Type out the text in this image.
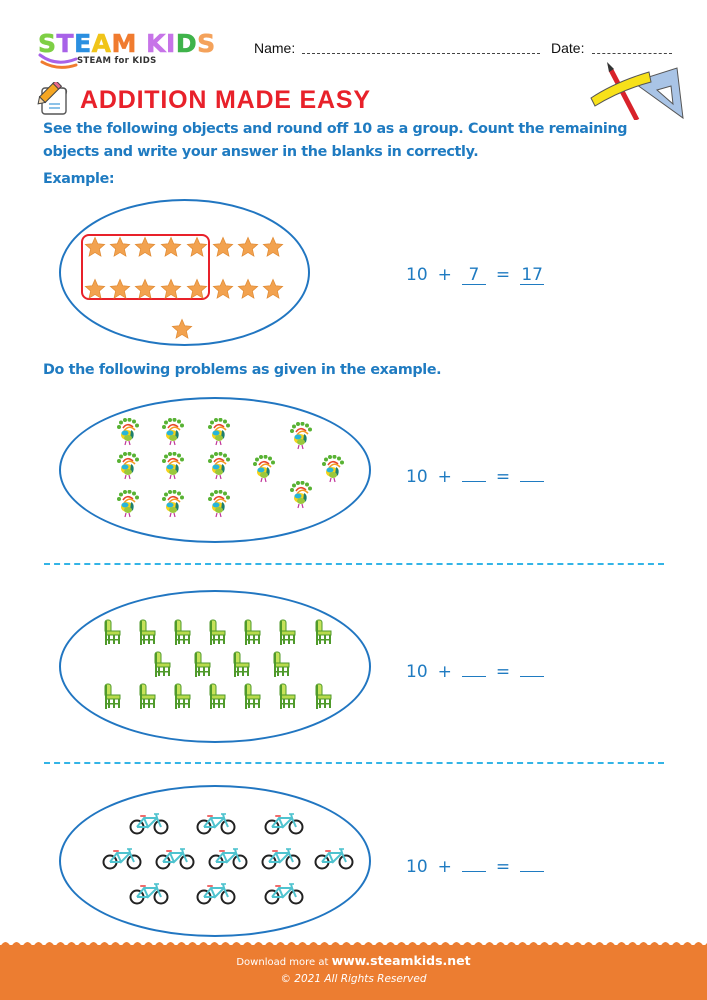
STEAM KIDS
STEAM for KIDS
Name:	Date:
ADDITION MADE EASY
See the following objects and round off 10 as a group. Count the remaining
objects and write your answer in the blanks in correctly.
Example:
10 + 7 = 17
Do the following problems as given in the example.
10 +	=
10 +	=
10 +	=
Download more at www.steamkids.net
© 2021 All Rights Reserved
